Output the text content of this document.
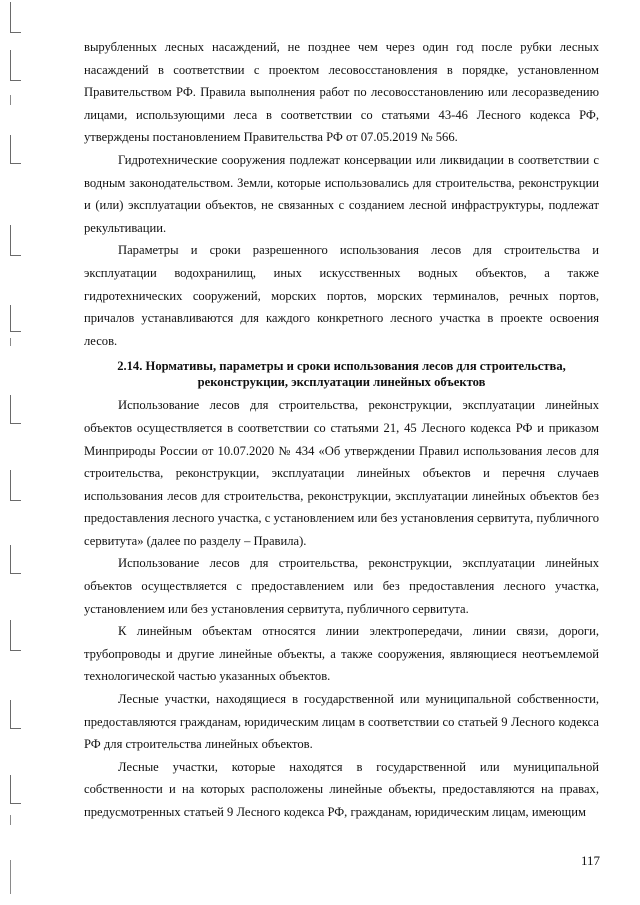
вырубленных лесных насаждений, не позднее чем через один год после рубки лесных насаждений в соответствии с проектом лесовосстановления в порядке, установленном Правительством РФ. Правила выполнения работ по лесовосстановлению или лесоразведению лицами, использующими леса в соответствии со статьями 43-46 Лесного кодекса РФ, утверждены постановлением Правительства РФ от 07.05.2019 № 566.

Гидротехнические сооружения подлежат консервации или ликвидации в соответствии с водным законодательством. Земли, которые использовались для строительства, реконструкции и (или) эксплуатации объектов, не связанных с созданием лесной инфраструктуры, подлежат рекультивации.

Параметры и сроки разрешенного использования лесов для строительства и эксплуатации водохранилищ, иных искусственных водных объектов, а также гидротехнических сооружений, морских портов, морских терминалов, речных портов, причалов устанавливаются для каждого конкретного лесного участка в проекте освоения лесов.

2.14. Нормативы, параметры и сроки использования лесов для строительства, реконструкции, эксплуатации линейных объектов

Использование лесов для строительства, реконструкции, эксплуатации линейных объектов осуществляется в соответствии со статьями 21, 45 Лесного кодекса РФ и приказом Минприроды России от 10.07.2020 № 434 «Об утверждении Правил использования лесов для строительства, реконструкции, эксплуатации линейных объектов и перечня случаев использования лесов для строительства, реконструкции, эксплуатации линейных объектов без предоставления лесного участка, с установлением или без установления сервитута, публичного сервитута» (далее по разделу – Правила).

Использование лесов для строительства, реконструкции, эксплуатации линейных объектов осуществляется с предоставлением или без предоставления лесного участка, установлением или без установления сервитута, публичного сервитута.

К линейным объектам относятся линии электропередачи, линии связи, дороги, трубопроводы и другие линейные объекты, а также сооружения, являющиеся неотъемлемой технологической частью указанных объектов.

Лесные участки, находящиеся в государственной или муниципальной собственности, предоставляются гражданам, юридическим лицам в соответствии со статьей 9 Лесного кодекса РФ для строительства линейных объектов.

Лесные участки, которые находятся в государственной или муниципальной собственности и на которых расположены линейные объекты, предоставляются на правах, предусмотренных статьей 9 Лесного кодекса РФ, гражданам, юридическим лицам, имеющим

117
